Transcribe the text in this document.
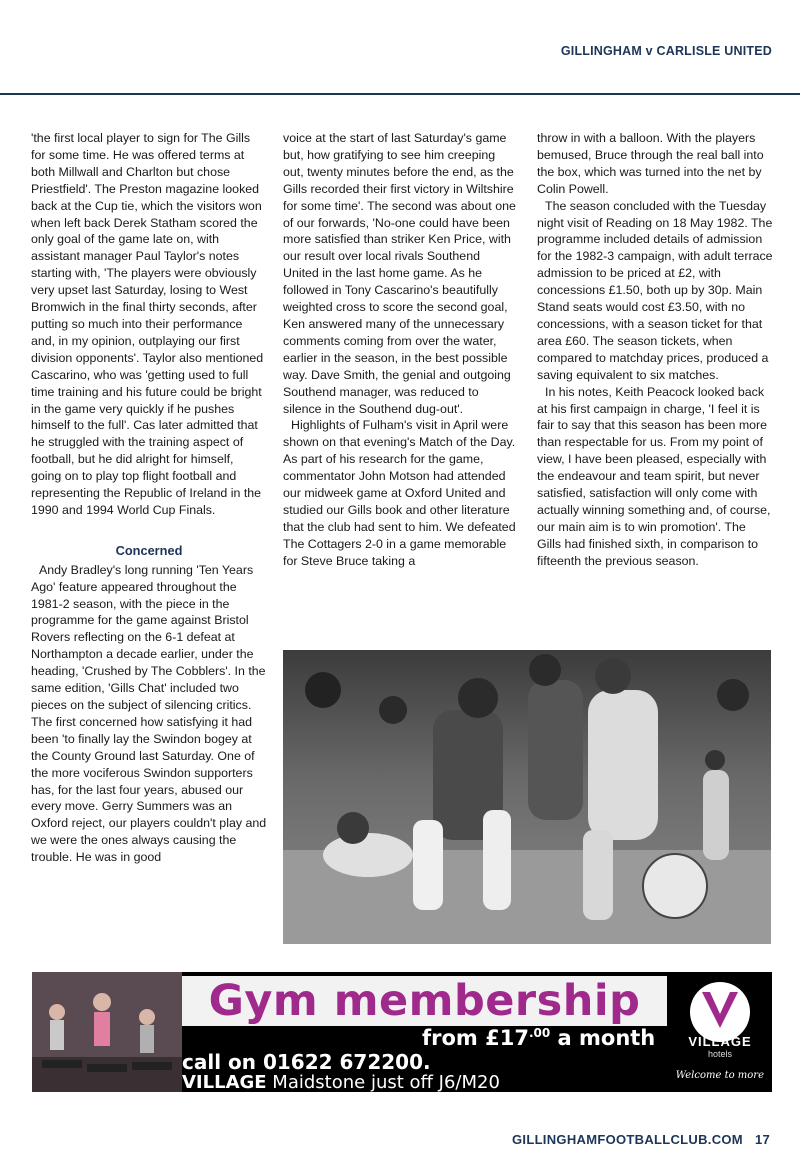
GILLINGHAM v CARLISLE UNITED

'the first local player to sign for The Gills for some time. He was offered terms at both Millwall and Charlton but chose Priestfield'. The Preston magazine looked back at the Cup tie, which the visitors won when left back Derek Statham scored the only goal of the game late on, with assistant manager Paul Taylor's notes starting with, 'The players were obviously very upset last Saturday, losing to West Bromwich in the final thirty seconds, after putting so much into their performance and, in my opinion, outplaying our first division opponents'. Taylor also mentioned Cascarino, who was 'getting used to full time training and his future could be bright in the game very quickly if he pushes himself to the full'. Cas later admitted that he struggled with the training aspect of football, but he did alright for himself, going on to play top flight football and representing the Republic of Ireland in the 1990 and 1994 World Cup Finals.

Concerned

Andy Bradley's long running 'Ten Years Ago' feature appeared throughout the 1981-2 season, with the piece in the programme for the game against Bristol Rovers reflecting on the 6-1 defeat at Northampton a decade earlier, under the heading, 'Crushed by The Cobblers'. In the same edition, 'Gills Chat' included two pieces on the subject of silencing critics. The first concerned how satisfying it had been 'to finally lay the Swindon bogey at the County Ground last Saturday. One of the more vociferous Swindon supporters has, for the last four years, abused our every move. Gerry Summers was an Oxford reject, our players couldn't play and we were the ones always causing the trouble. He was in good

voice at the start of last Saturday's game but, how gratifying to see him creeping out, twenty minutes before the end, as the Gills recorded their first victory in Wiltshire for some time'. The second was about one of our forwards, 'No-one could have been more satisfied than striker Ken Price, with our result over local rivals Southend United in the last home game. As he followed in Tony Cascarino's beautifully weighted cross to score the second goal, Ken answered many of the unnecessary comments coming from over the water, earlier in the season, in the best possible way. Dave Smith, the genial and outgoing Southend manager, was reduced to silence in the Southend dug-out'.

Highlights of Fulham's visit in April were shown on that evening's Match of the Day. As part of his research for the game, commentator John Motson had attended our midweek game at Oxford United and studied our Gills book and other literature that the club had sent to him. We defeated The Cottagers 2-0 in a game memorable for Steve Bruce taking a

throw in with a balloon. With the players bemused, Bruce through the real ball into the box, which was turned into the net by Colin Powell.

The season concluded with the Tuesday night visit of Reading on 18 May 1982. The programme included details of admission for the 1982-3 campaign, with adult terrace admission to be priced at £2, with concessions £1.50, both up by 30p. Main Stand seats would cost £3.50, with no concessions, with a season ticket for that area £60. The season tickets, when compared to matchday prices, produced a saving equivalent to six matches.

In his notes, Keith Peacock looked back at his first campaign in charge, 'I feel it is fair to say that this season has been more than respectable for us. From my point of view, I have been pleased, especially with the endeavour and team spirit, but never satisfied, satisfaction will only come with actually winning something and, of course, our main aim is to win promotion'. The Gills had finished sixth, in comparison to fifteenth the previous season.

Gym membership
from $£17^{.00}$ a month
call on 01622 672200.
VILLAGE Maidstone just off J6/M20
VILLAGE
hotels
Welcome to more
GILLINGHAMFOOTBALLCLUB.COM 17
